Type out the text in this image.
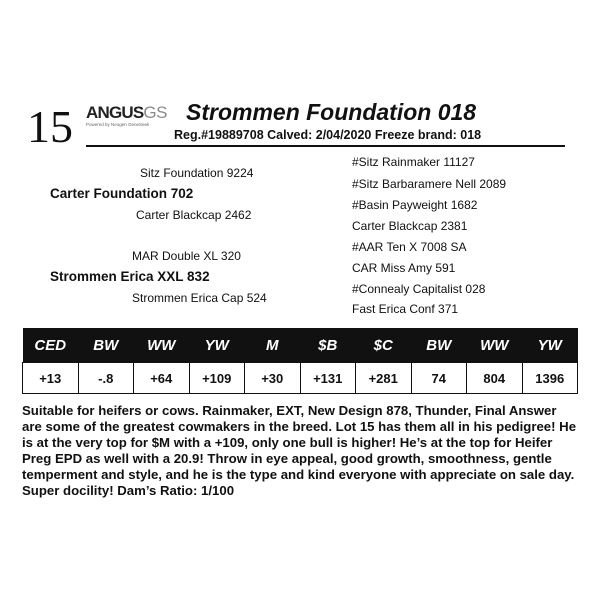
15 ANGUSGS
Powered by Neogen GeneSeek	Strommen Foundation 018
Reg.#19889708 Calved: 2/04/2020 Freeze brand: 018
Sitz Foundation 9224
Carter Foundation 702
Carter Blackcap 2462
MAR Double XL 320
Strommen Erica XXL 832
Strommen Erica Cap 524
#Sitz Rainmaker 11127
#Sitz Barbaramere Nell 2089
#Basin Payweight 1682
Carter Blackcap 2381
#AAR Ten X 7008 SA
CAR Miss Amy 591
#Connealy Capitalist 028
Fast Erica Conf 371
CED	BW	WW	YW	M	$B	$C	BW	WW	YW
+13	-.8	+64	+109	+30	+131	+281	74	804	1396
Suitable for heifers or cows. Rainmaker, EXT, New Design 878, Thunder, Final Answer are some of the greatest cowmakers in the breed. Lot 15 has them all in his pedigree! He is at the very top for $M with a +109, only one bull is higher! He’s at the top for Heifer Preg EPD as well with a 20.9! Throw in eye appeal, good growth, smoothness, gentle temperment and style, and he is the type and kind everyone with appreciate on sale day. Super docility! Dam’s Ratio: 1/100
